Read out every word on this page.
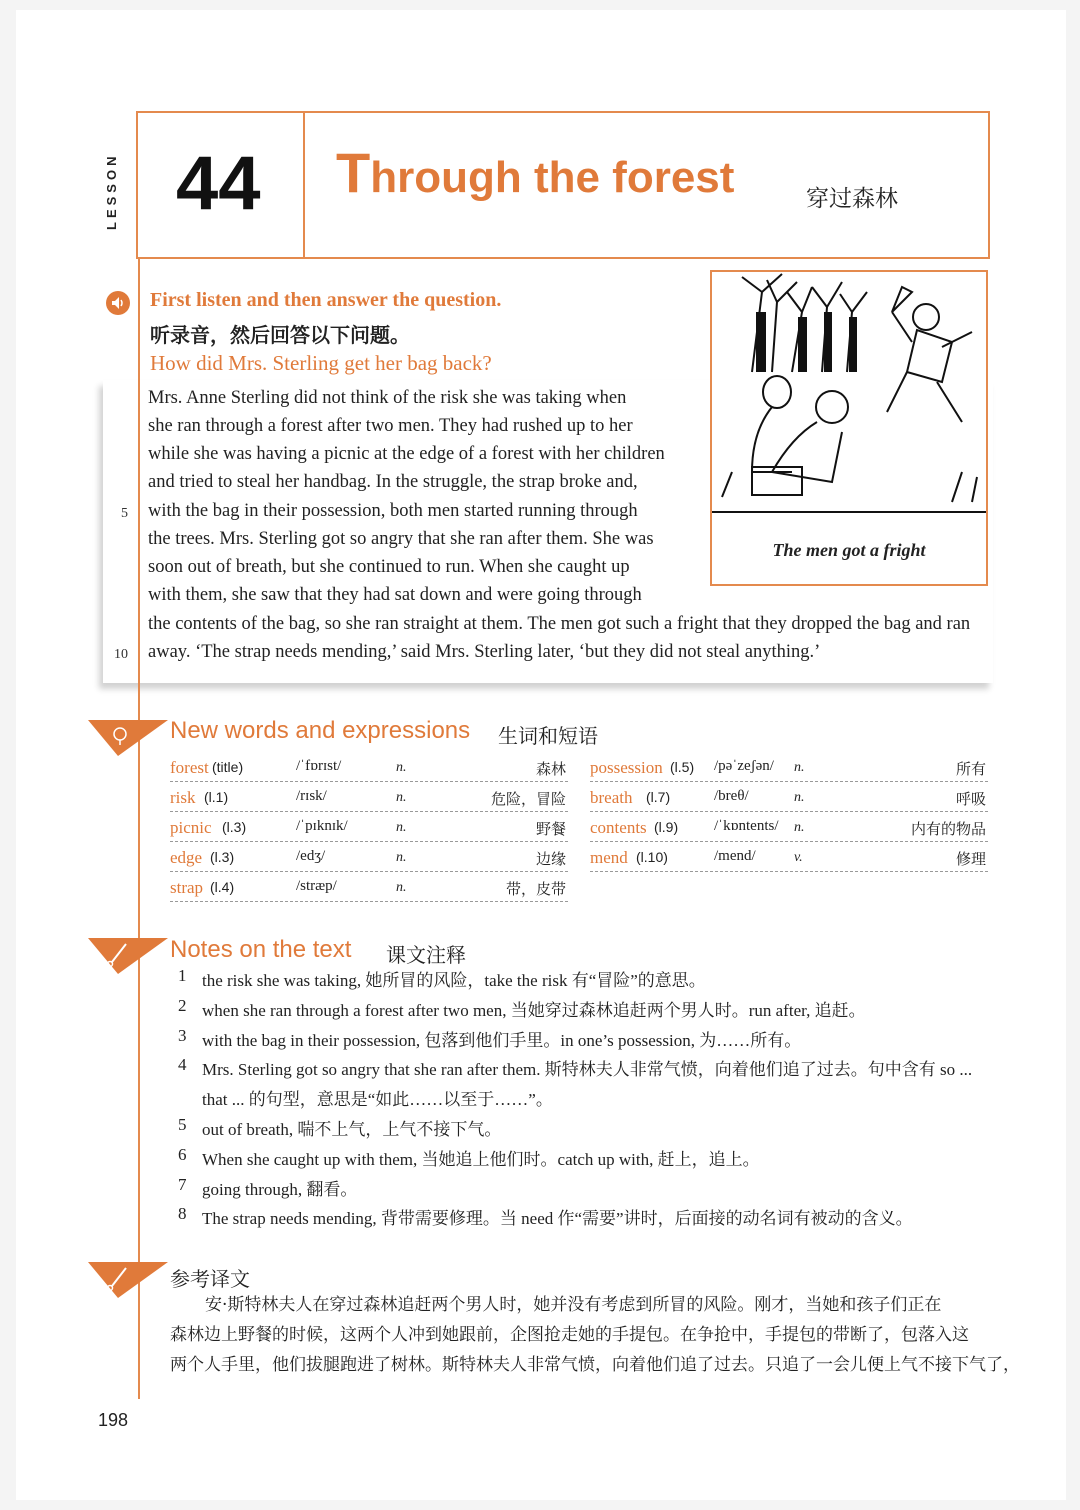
LESSON 44 Through the forest	穿过森林
First listen and then answer the question.
听录音，然后回答以下问题。
How did Mrs. Sterling get her bag back?
Mrs. Anne Sterling did not think of the risk she was taking when
she ran through a forest after two men. They had rushed up to her
while she was having a picnic at the edge of a forest with her children
and tried to steal her handbag. In the struggle, the strap broke and,
with the bag in their possession, both men started running through
the trees. Mrs. Sterling got so angry that she ran after them. She was
soon out of breath, but she continued to run. When she caught up
with them, she saw that they had sat down and were going through
the contents of the bag, so she ran straight at them. The men got such a fright that they dropped the bag and ran
away. ‘The strap needs mending,’ said Mrs. Sterling later, ‘but they did not steal anything.’
5
10
The men got a fright
New words and expressions 生词和短语
forest (title)	/ˈfɒrɪst/	n.	森林
risk (l.1)	/rɪsk/	n.	危险，冒险
picnic (l.3)	/ˈpɪknɪk/	n.	野餐
edge (l.3)	/edʒ/	n.	边缘
strap (l.4)	/stræp/	n.	带，皮带
possession (l.5) /pəˈzeʃən/ n.	所有
breath (l.7)	/breθ/	n.	呼吸
contents (l.9) /ˈkɒntents/ n.	内有的物品
mend (l.10)	/mend/	v.	修理
Notes on the text 课文注释
1 the risk she was taking, 她所冒的风险，take the risk 有“冒险”的意思。
2 when she ran through a forest after two men, 当她穿过森林追赶两个男人时。run after, 追赶。
3 with the bag in their possession, 包落到他们手里。in one’s possession, 为……所有。
4 Mrs. Sterling got so angry that she ran after them. 斯特林夫人非常气愤，向着他们追了过去。句中含有 so ...
that ... 的句型，意思是“如此……以至于……”。
5 out of breath, 喘不上气，上气不接下气。
6 When she caught up with them, 当她追上他们时。catch up with, 赶上，追上。
7 going through, 翻看。
8 The strap needs mending, 背带需要修理。当 need 作“需要”讲时，后面接的动名词有被动的含义。
参考译文
安·斯特林夫人在穿过森林追赶两个男人时，她并没有考虑到所冒的风险。刚才，当她和孩子们正在
森林边上野餐的时候，这两个人冲到她跟前，企图抢走她的手提包。在争抢中，手提包的带断了，包落入这
两个人手里，他们拔腿跑进了树林。斯特林夫人非常气愤，向着他们追了过去。只追了一会儿便上气不接下气了，
198
